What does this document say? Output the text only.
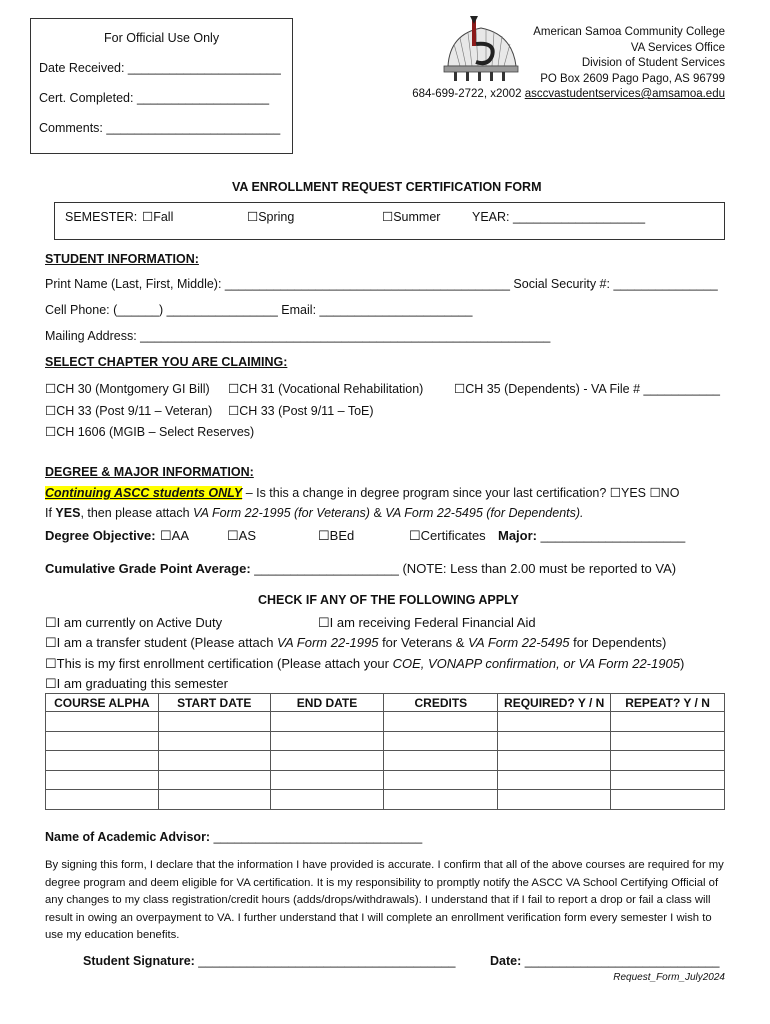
For Official Use Only
Date Received: ______________________
Cert. Completed: ___________________
Comments: _________________________
American Samoa Community College
VA Services Office
Division of Student Services
PO Box 2609 Pago Pago, AS 96799
684-699-2722, x2002 asccvastudentservices@amsamoa.edu
VA ENROLLMENT REQUEST CERTIFICATION FORM
SEMESTER: ☐Fall	☐Spring	☐Summer	YEAR: ___________________
STUDENT INFORMATION:
Print Name (Last, First, Middle): _________________________________________ Social Security #: _______________
Cell Phone: (______) ________________ Email: ______________________
Mailing Address: ___________________________________________________________
SELECT CHAPTER YOU ARE CLAIMING:
☐CH 30 (Montgomery GI Bill) ☐CH 31 (Vocational Rehabilitation) ☐CH 35 (Dependents) - VA File # ___________
☐CH 33 (Post 9/11 – Veteran) ☐CH 33 (Post 9/11 – ToE)
☐CH 1606 (MGIB – Select Reserves)
DEGREE & MAJOR INFORMATION:
Continuing ASCC students ONLY – Is this a change in degree program since your last certification? ☐YES ☐NO
If YES, then please attach VA Form 22-1995 (for Veterans) & VA Form 22-5495 (for Dependents).
Degree Objective: ☐AA	☐AS	☐BEd	☐Certificates Major: ____________________
Cumulative Grade Point Average: ____________________ (NOTE: Less than 2.00 must be reported to VA)
CHECK IF ANY OF THE FOLLOWING APPLY
☐I am currently on Active Duty	☐I am receiving Federal Financial Aid
☐I am a transfer student (Please attach VA Form 22-1995 for Veterans & VA Form 22-5495 for Dependents)
☐This is my first enrollment certification (Please attach your COE, VONAPP confirmation, or VA Form 22-1905)
☐I am graduating this semester
COURSE ALPHA	START DATE	END DATE	CREDITS	REQUIRED? Y / N	REPEAT? Y / N

Name of Academic Advisor: ______________________________
By signing this form, I declare that the information I have provided is accurate. I confirm that all of the above courses are required for my degree program and deem eligible for VA certification. It is my responsibility to promptly notify the ASCC VA School Certifying Official of any changes to my class registration/credit hours (adds/drops/withdrawals). I understand that if I fail to report a drop or fail a class will result in owing an overpayment to VA. I further understand that I will complete an enrollment verification form every semester I wish to use my education benefits.
Student Signature: _____________________________________	Date: ____________________________
Request_Form_July2024
